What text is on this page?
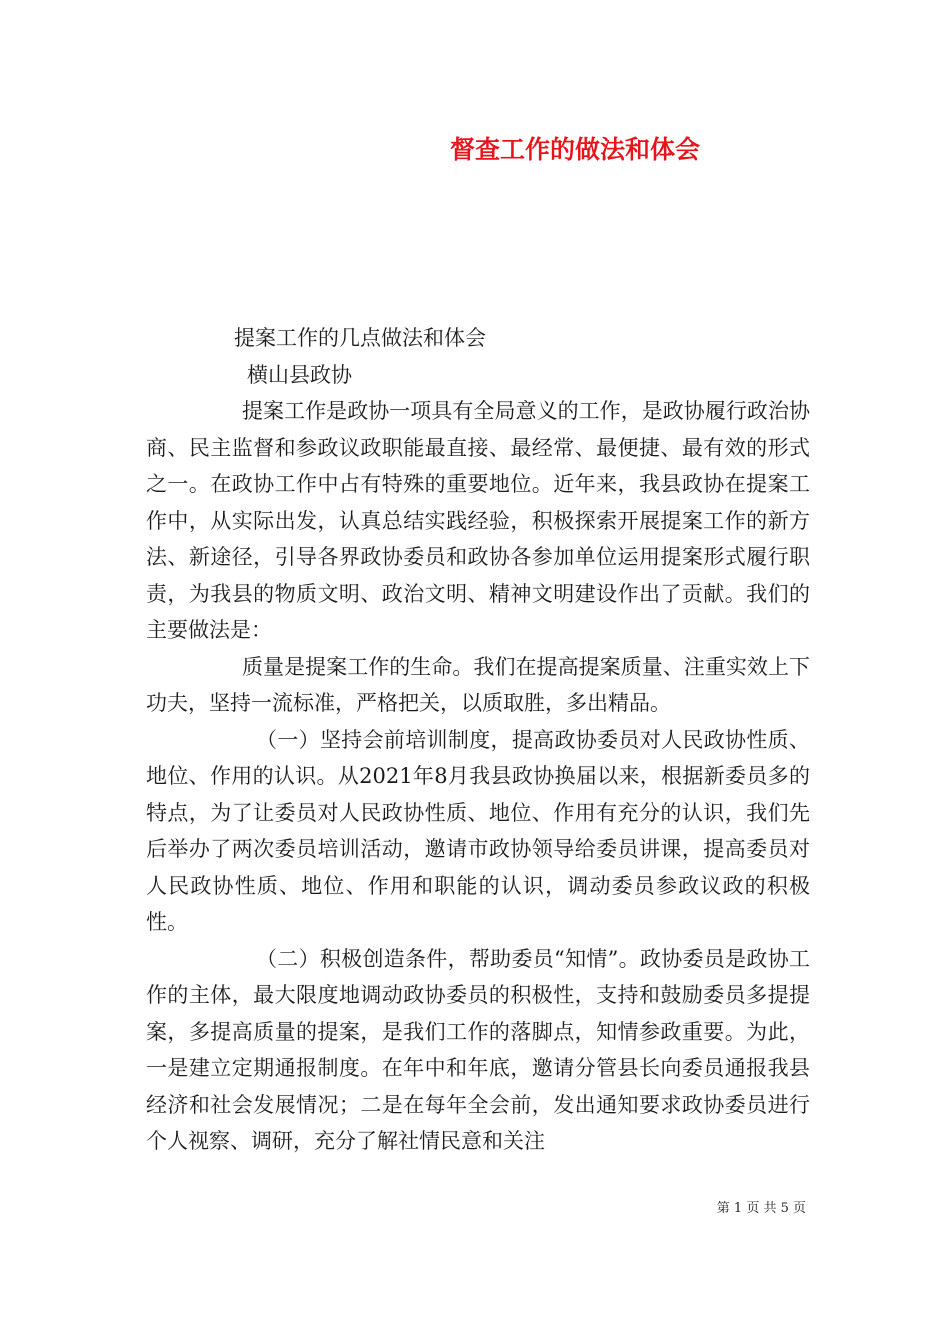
督查工作的做法和体会

提案工作的几点做法和体会

横山县政协

提案工作是政协一项具有全局意义的工作，是政协履行政治协商、民主监督和参政议政职能最直接、最经常、最便捷、最有效的形式之一。在政协工作中占有特殊的重要地位。近年来，我县政协在提案工作中，从实际出发，认真总结实践经验，积极探索开展提案工作的新方法、新途径，引导各界政协委员和政协各参加单位运用提案形式履行职责，为我县的物质文明、政治文明、精神文明建设作出了贡献。我们的主要做法是：

质量是提案工作的生命。我们在提高提案质量、注重实效上下功夫，坚持一流标准，严格把关，以质取胜，多出精品。

（一）坚持会前培训制度，提高政协委员对人民政协性质、地位、作用的认识。从2021年8月我县政协换届以来，根据新委员多的特点，为了让委员对人民政协性质、地位、作用有充分的认识，我们先后举办了两次委员培训活动，邀请市政协领导给委员讲课，提高委员对人民政协性质、地位、作用和职能的认识，调动委员参政议政的积极性。

（二）积极创造条件，帮助委员“知情”。政协委员是政协工作的主体，最大限度地调动政协委员的积极性，支持和鼓励委员多提提案，多提高质量的提案，是我们工作的落脚点，知情参政重要。为此，一是建立定期通报制度。在年中和年底，邀请分管县长向委员通报我县经济和社会发展情况；二是在每年全会前，发出通知要求政协委员进行个人视察、调研，充分了解社情民意和关注

第 1 页 共 5 页
